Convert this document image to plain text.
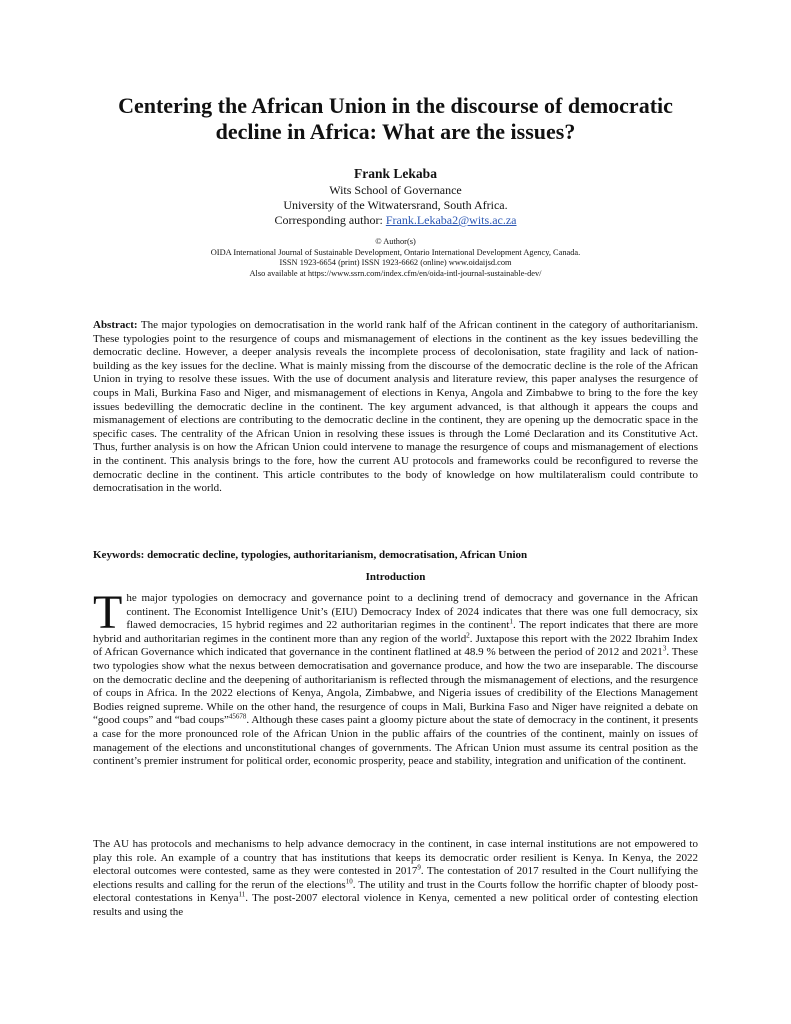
Centering the African Union in the discourse of democratic decline in Africa: What are the issues?
Frank Lekaba
Wits School of Governance
University of the Witwatersrand, South Africa.
Corresponding author: Frank.Lekaba2@wits.ac.za
© Author(s)
OIDA International Journal of Sustainable Development, Ontario International Development Agency, Canada.
ISSN 1923-6654 (print) ISSN 1923-6662 (online) www.oidaijsd.com
Also available at https://www.ssrn.com/index.cfm/en/oida-intl-journal-sustainable-dev/

Abstract: The major typologies on democratisation in the world rank half of the African continent in the category of authoritarianism. These typologies point to the resurgence of coups and mismanagement of elections in the continent as the key issues bedevilling the democratic decline. However, a deeper analysis reveals the incomplete process of decolonisation, state fragility and lack of nation-building as the key issues for the decline. What is mainly missing from the discourse of the democratic decline is the role of the African Union in trying to resolve these issues. With the use of document analysis and literature review, this paper analyses the resurgence of coups in Mali, Burkina Faso and Niger, and mismanagement of elections in Kenya, Angola and Zimbabwe to bring to the fore the key issues bedevilling the democratic decline in the continent. The key argument advanced, is that although it appears the coups and mismanagement of elections are contributing to the democratic decline in the continent, they are opening up the democratic space in the specific cases. The centrality of the African Union in resolving these issues is through the Lomé Declaration and its Constitutive Act. Thus, further analysis is on how the African Union could intervene to manage the resurgence of coups and mismanagement of elections in the continent. This analysis brings to the fore, how the current AU protocols and frameworks could be reconfigured to reverse the democratic decline in the continent. This article contributes to the body of knowledge on how multilateralism could contribute to democratisation in the world.

Keywords: democratic decline, typologies, authoritarianism, democratisation, African Union

Introduction

The major typologies on democracy and governance point to a declining trend of democracy and governance in the African continent. The Economist Intelligence Unit’s (EIU) Democracy Index of 2024 indicates that there was one full democracy, six flawed democracies, 15 hybrid regimes and 22 authoritarian regimes in the continent$^1$. The report indicates that there are more hybrid and authoritarian regimes in the continent more than any region of the world$^2$. Juxtapose this report with the 2022 Ibrahim Index of African Governance which indicated that governance in the continent flatlined at 48.9 % between the period of 2012 and 2021$^3$. These two typologies show what the nexus between democratisation and governance produce, and how the two are inseparable. The discourse on the democratic decline and the deepening of authoritarianism is reflected through the mismanagement of elections, and the resurgence of coups in Africa. In the 2022 elections of Kenya, Angola, Zimbabwe, and Nigeria issues of credibility of the Elections Management Bodies reigned supreme. While on the other hand, the resurgence of coups in Mali, Burkina Faso and Niger have reignited a debate on “good coups” and “bad coups”$^{45678}$. Although these cases paint a gloomy picture about the state of democracy in the continent, it presents a case for the more pronounced role of the African Union in the public affairs of the countries of the continent, mainly on issues of management of the elections and unconstitutional changes of governments. The African Union must assume its central position as the continent’s premier instrument for political order, economic prosperity, peace and stability, integration and unification of the continent.

The AU has protocols and mechanisms to help advance democracy in the continent, in case internal institutions are not empowered to play this role. An example of a country that has institutions that keeps its democratic order resilient is Kenya. In Kenya, the 2022 electoral outcomes were contested, same as they were contested in 2017$^9$. The contestation of 2017 resulted in the Court nullifying the elections results and calling for the rerun of the elections$^{10}$. The utility and trust in the Courts follow the horrific chapter of bloody post-electoral contestations in Kenya$^{11}$. The post-2007 electoral violence in Kenya, cemented a new political order of contesting election results and using the
